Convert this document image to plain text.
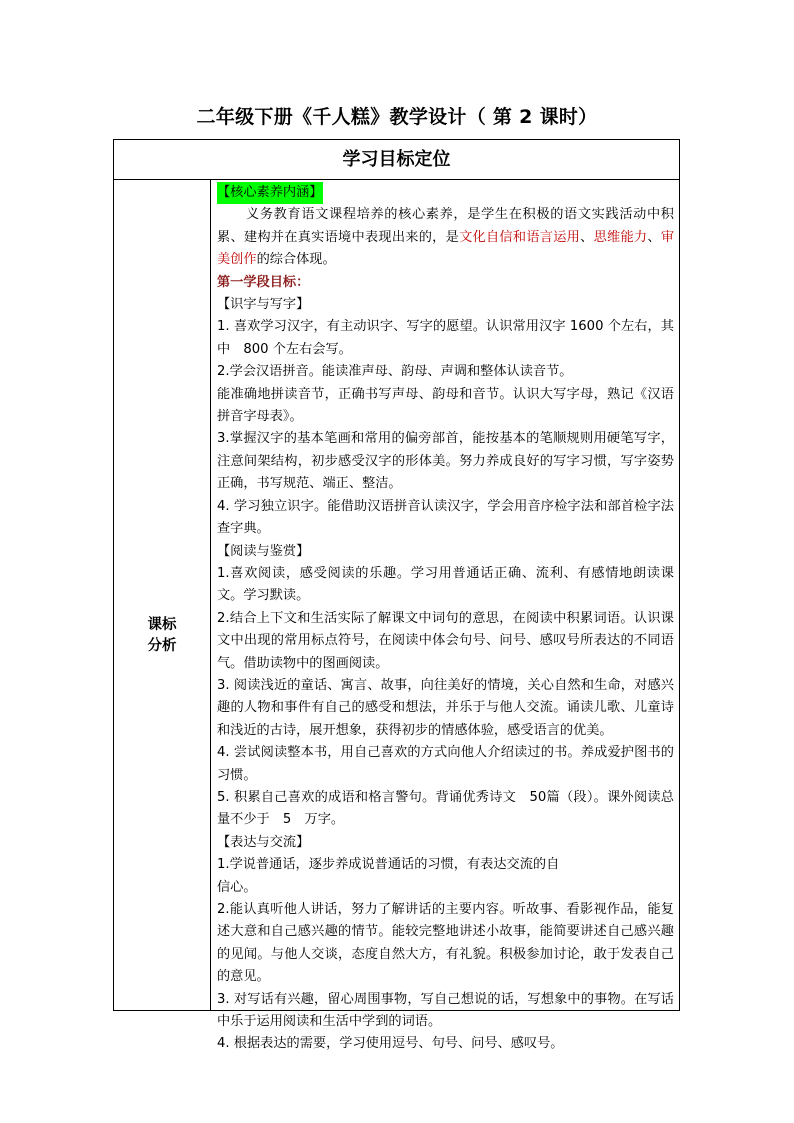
二年级下册《千人糕》教学设计（ 第 2 课时）
学习目标定位
课标
分析

【核心素养内涵】

义务教育语文课程培养的核心素养，是学生在积极的语文实践活动中积累、建构并在真实语境中表现出来的，是文化自信和语言运用、思维能力、审美创作的综合体现。

第一学段目标：

【识字与写字】

1. 喜欢学习汉字，有主动识字、写字的愿望。认识常用汉字 1600 个左右，其中　800 个左右会写。

2.学会汉语拼音。能读准声母、韵母、声调和整体认读音节。

能准确地拼读音节，正确书写声母、韵母和音节。认识大写字母，熟记《汉语拼音字母表》。

3.掌握汉字的基本笔画和常用的偏旁部首，能按基本的笔顺规则用硬笔写字，注意间架结构，初步感受汉字的形体美。努力养成良好的写字习惯，写字姿势正确，书写规范、端正、整洁。

4. 学习独立识字。能借助汉语拼音认读汉字，学会用音序检字法和部首检字法查字典。

【阅读与鉴赏】

1.喜欢阅读，感受阅读的乐趣。学习用普通话正确、流利、有感情地朗读课文。学习默读。

2.结合上下文和生活实际了解课文中词句的意思，在阅读中积累词语。认识课文中出现的常用标点符号，在阅读中体会句号、问号、感叹号所表达的不同语气。借助读物中的图画阅读。

3. 阅读浅近的童话、寓言、故事，向往美好的情境，关心自然和生命，对感兴趣的人物和事件有自己的感受和想法，并乐于与他人交流。诵读儿歌、儿童诗和浅近的古诗，展开想象，获得初步的情感体验，感受语言的优美。

4. 尝试阅读整本书，用自己喜欢的方式向他人介绍读过的书。养成爱护图书的习惯。

5. 积累自己喜欢的成语和格言警句。背诵优秀诗文　50篇（段）。课外阅读总量不少于　5　万字。

【表达与交流】

1.学说普通话，逐步养成说普通话的习惯，有表达交流的自

信心。

2.能认真听他人讲话，努力了解讲话的主要内容。听故事、看影视作品，能复述大意和自己感兴趣的情节。能较完整地讲述小故事，能简要讲述自己感兴趣的见闻。与他人交谈，态度自然大方，有礼貌。积极参加讨论，敢于发表自己的意见。

3. 对写话有兴趣，留心周围事物，写自己想说的话，写想象中的事物。在写话中乐于运用阅读和生活中学到的词语。

4. 根据表达的需要，学习使用逗号、句号、问号、感叹号。
